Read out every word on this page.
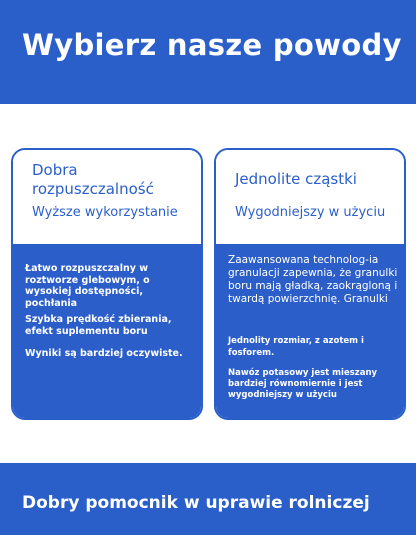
Wybierz nasze powody
Dobra
rozpuszczalność
Wyższe wykorzystanie
Łatwo rozpuszczalny w roztworze glebowym, o wysokiej dostępności, pochłania
Szybka prędkość zbierania, efekt suplementu boru
Wyniki są bardziej oczywiste.
Jednolite cząstki
Wygodniejszy w użyciu
Zaawansowana technolog-ia granulacji zapewnia, że granulki boru mają gładką, zaokrągloną i twardą powierzchnię. Granulki
Jednolity rozmiar, z azotem i fosforem.
Nawóz potasowy jest mieszany bardziej równomiernie i jest wygodniejszy w użyciu
Dobry pomocnik w uprawie rolniczej
